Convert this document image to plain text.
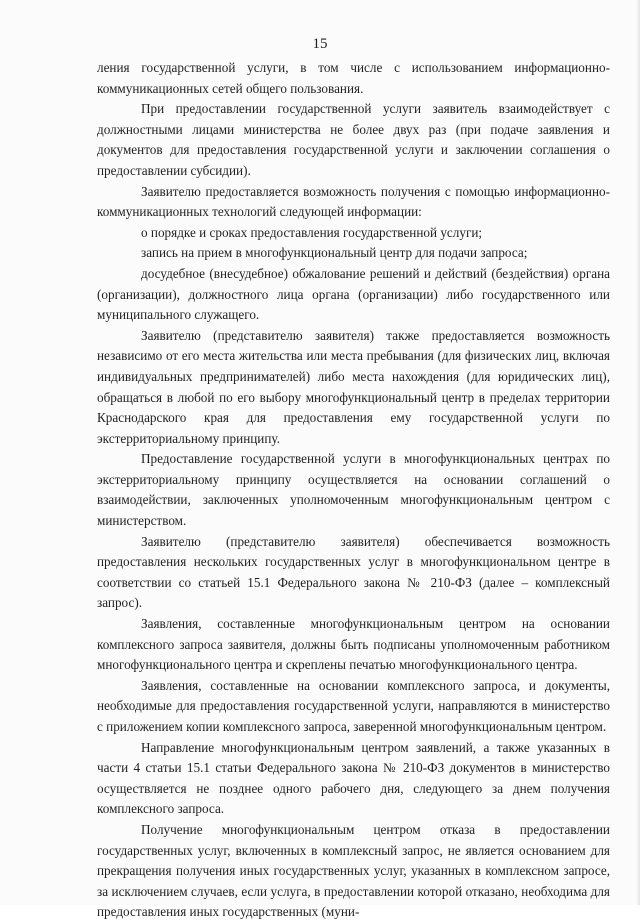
15

ления государственной услуги, в том числе с использованием информационно-коммуникационных сетей общего пользования.

При предоставлении государственной услуги заявитель взаимодействует с должностными лицами министерства не более двух раз (при подаче заявления и документов для предоставления государственной услуги и заключении соглашения о предоставлении субсидии).

Заявителю предоставляется возможность получения с помощью информационно-коммуникационных технологий следующей информации:

о порядке и сроках предоставления государственной услуги;

запись на прием в многофункциональный центр для подачи запроса;

досудебное (внесудебное) обжалование решений и действий (бездействия) органа (организации), должностного лица органа (организации) либо государственного или муниципального служащего.

Заявителю (представителю заявителя) также предоставляется возможность независимо от его места жительства или места пребывания (для физических лиц, включая индивидуальных предпринимателей) либо места нахождения (для юридических лиц), обращаться в любой по его выбору многофункциональный центр в пределах территории Краснодарского края для предоставления ему государственной услуги по экстерриториальному принципу.

Предоставление государственной услуги в многофункциональных центрах по экстерриториальному принципу осуществляется на основании соглашений о взаимодействии, заключенных уполномоченным многофункциональным центром с министерством.

Заявителю (представителю заявителя) обеспечивается возможность предоставления нескольких государственных услуг в многофункциональном центре в соответствии со статьей 15.1 Федерального закона № 210-ФЗ (далее – комплексный запрос).

Заявления, составленные многофункциональным центром на основании комплексного запроса заявителя, должны быть подписаны уполномоченным работником многофункционального центра и скреплены печатью многофункционального центра.

Заявления, составленные на основании комплексного запроса, и документы, необходимые для предоставления государственной услуги, направляются в министерство с приложением копии комплексного запроса, заверенной многофункциональным центром.

Направление многофункциональным центром заявлений, а также указанных в части 4 статьи 15.1 статьи Федерального закона № 210-ФЗ документов в министерство осуществляется не позднее одного рабочего дня, следующего за днем получения комплексного запроса.

Получение многофункциональным центром отказа в предоставлении государственных услуг, включенных в комплексный запрос, не является основанием для прекращения получения иных государственных услуг, указанных в комплексном запросе, за исключением случаев, если услуга, в предоставлении которой отказано, необходима для предоставления иных государственных (муни-
